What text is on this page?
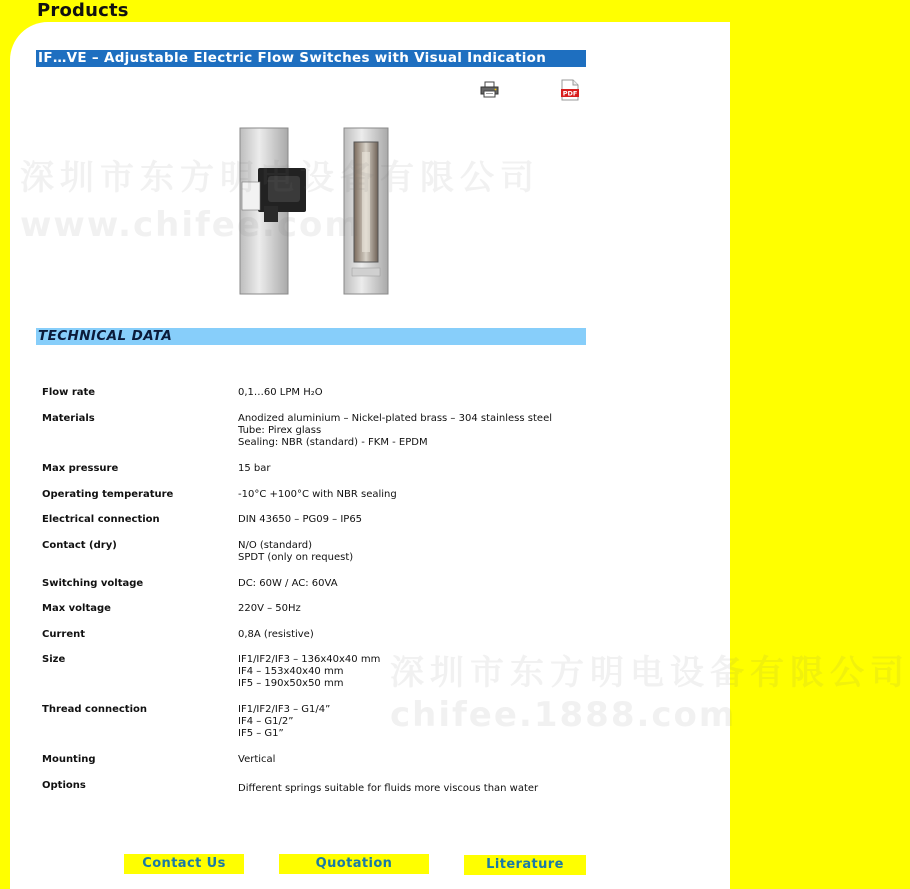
Products
IF…VE – Adjustable Electric Flow Switches with Visual Indication
PDF
深圳市东方明电设备有限公司
www.chifee.com
TECHNICAL DATA
Flow rate	0,1…60 LPM H₂O
Materials	Anodized aluminium – Nickel-plated brass – 304 stainless steel
Tube: Pirex glass
Sealing: NBR (standard) - FKM - EPDM
Max pressure	15 bar
Operating temperature	-10°C +100°C with NBR sealing
Electrical connection	DIN 43650 – PG09 – IP65
Contact (dry)	N/O (standard)
SPDT (only on request)
Switching voltage	DC: 60W / AC: 60VA
Max voltage	220V – 50Hz
Current	0,8A (resistive)
Size	IF1/IF2/IF3 – 136x40x40 mm
IF4 – 153x40x40 mm
IF5 – 190x50x50 mm
Thread connection	IF1/IF2/IF3 – G1/4”
IF4 – G1/2”
IF5 – G1”
Mounting	Vertical
Options	Different springs suitable for fluids more viscous than water
深圳市东方明电设备有限公司
chifee.1888.com
Contact Us	Quotation	Literature
